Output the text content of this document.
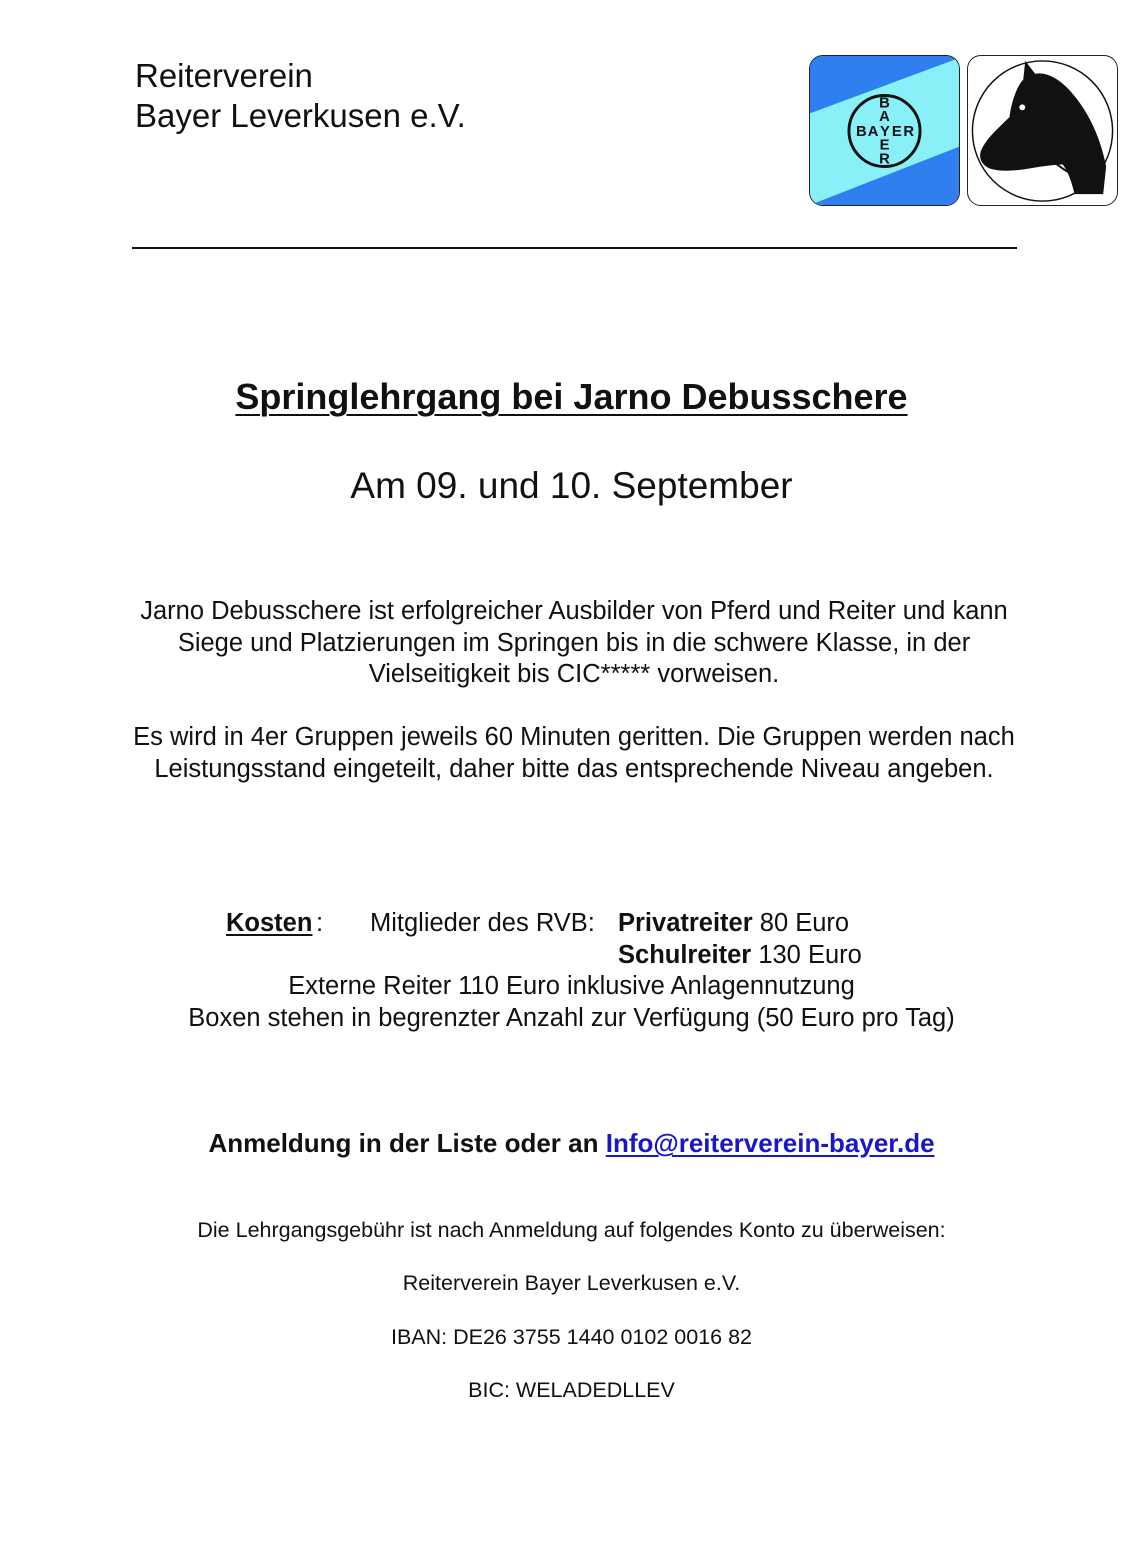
Reiterverein
Bayer Leverkusen e.V.	B
A
B A Y E R
E
R
Springlehrgang bei Jarno Debusschere
Am 09. und 10. September

Jarno Debusschere ist erfolgreicher Ausbilder von Pferd und Reiter und kann Siege und Platzierungen im Springen bis in die schwere Klasse, in der Vielseitigkeit bis CIC***** vorweisen.

Es wird in 4er Gruppen jeweils 60 Minuten geritten. Die Gruppen werden nach Leistungsstand eingeteilt, daher bitte das entsprechende Niveau angeben.

Kosten : Mitglieder des RVB: Privatreiter 80 Euro
Schulreiter 130 Euro
Externe Reiter 110 Euro inklusive Anlagennutzung
Boxen stehen in begrenzter Anzahl zur Verfügung (50 Euro pro Tag)
Anmeldung in der Liste oder an Info@reiterverein-bayer.de
Die Lehrgangsgebühr ist nach Anmeldung auf folgendes Konto zu überweisen:
Reiterverein Bayer Leverkusen e.V.
IBAN: DE26 3755 1440 0102 0016 82
BIC: WELADEDLLEV
